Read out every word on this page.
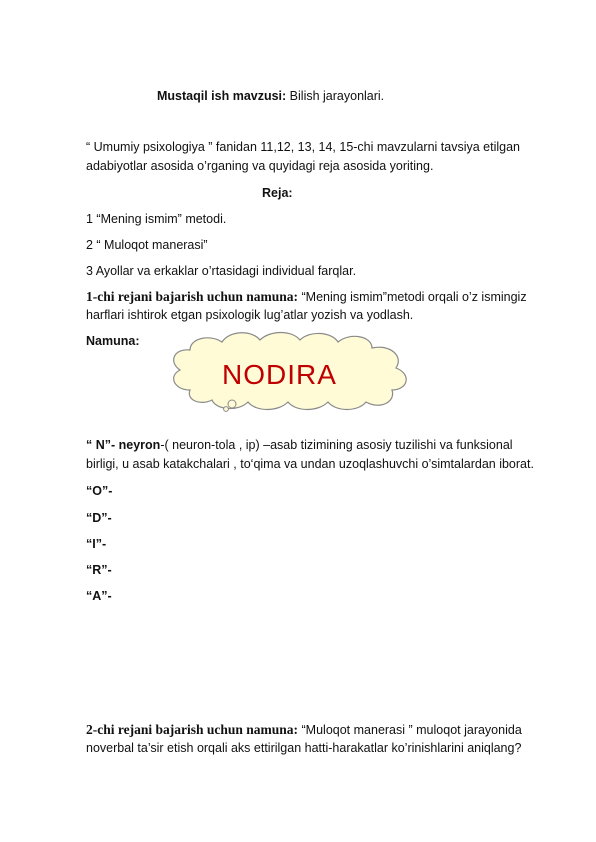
Mustaqil ish mavzusi: Bilish jarayonlari.
“ Umumiy psixologiya ” fanidan 11,12, 13, 14, 15-chi mavzularni tavsiya etilgan
adabiyotlar asosida o’rganing va quyidagi reja asosida yoriting.
Reja:
1 “Mening ismim” metodi.
2 “ Muloqot manerasi”
3 Ayollar va erkaklar o’rtasidagi individual farqlar.
1-chi rejani bajarish uchun namuna: “Mening ismim”metodi orqali o’z ismingiz
harflari ishtirok etgan psixologik lug’atlar yozish va yodlash.
Namuna:
NODIRA
“ N”- neyron-( neuron-tola , ip) –asab tizimining asosiy tuzilishi va funksional
birligi, u asab katakchalari , to‘qima va undan uzoqlashuvchi o’simtalardan iborat.
“O”-
“D”-
“I”-
“R”-
“A”-
2-chi rejani bajarish uchun namuna: “Muloqot manerasi ” muloqot jarayonida
noverbal ta’sir etish orqali aks ettirilgan hatti-harakatlar ko’rinishlarini aniqlang?
